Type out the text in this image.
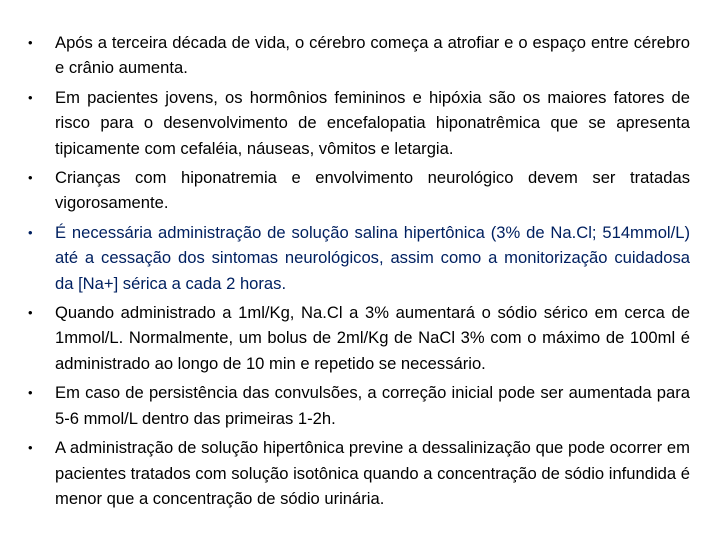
• Após a terceira década de vida, o cérebro começa a atrofiar e o espaço entre cérebro e crânio aumenta.
• Em pacientes jovens, os hormônios femininos e hipóxia são os maiores fatores de risco para o desenvolvimento de encefalopatia hiponatrêmica que se apresenta tipicamente com cefaléia, náuseas, vômitos e letargia.
• Crianças com hiponatremia e envolvimento neurológico devem ser tratadas vigorosamente.
• É necessária administração de solução salina hipertônica (3% de Na.Cl; 514mmol/L) até a cessação dos sintomas neurológicos, assim como a monitorização cuidadosa da [Na+] sérica a cada 2 horas.
• Quando administrado a 1ml/Kg, Na.Cl a 3% aumentará o sódio sérico em cerca de 1mmol/L. Normalmente, um bolus de 2ml/Kg de NaCl 3% com o máximo de 100ml é administrado ao longo de 10 min e repetido se necessário.
• Em caso de persistência das convulsões, a correção inicial pode ser aumentada para 5-6 mmol/L dentro das primeiras 1-2h.
• A administração de solução hipertônica previne a dessalinização que pode ocorrer em pacientes tratados com solução isotônica quando a concentração de sódio infundida é menor que a concentração de sódio urinária.
